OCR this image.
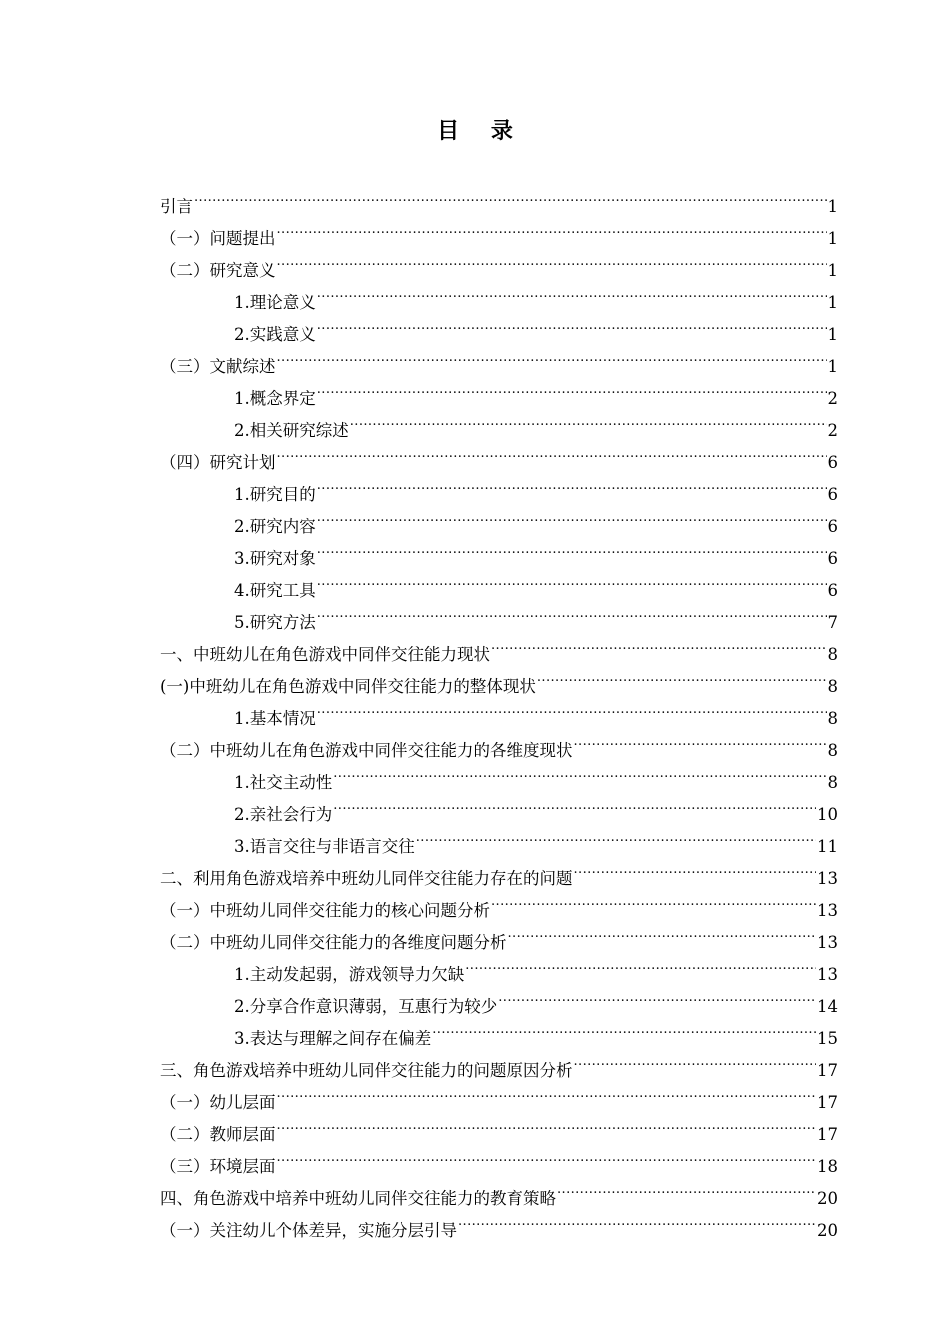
目 录
引言 .....	1
（一）问题提出 .....	1
（二）研究意义 .....	1
1.理论意义 .....	1
2.实践意义 .....	1
（三）文献综述 .....	1
1.概念界定 .....	2
2.相关研究综述 .....	2
（四）研究计划 .....	6
1.研究目的 .....	6
2.研究内容 .....	6
3.研究对象 .....	6
4.研究工具 .....	6
5.研究方法 .....	7
一、中班幼儿在角色游戏中同伴交往能力现状 .....	8
(一)中班幼儿在角色游戏中同伴交往能力的整体现状 .....	8
1.基本情况 .....	8
（二）中班幼儿在角色游戏中同伴交往能力的各维度现状 .....	8
1.社交主动性 .....	8
2.亲社会行为 .....	10
3.语言交往与非语言交往 .....	11
二、利用角色游戏培养中班幼儿同伴交往能力存在的问题 .....	13
（一）中班幼儿同伴交往能力的核心问题分析 .....	13
（二）中班幼儿同伴交往能力的各维度问题分析 .....	13
1.主动发起弱，游戏领导力欠缺 .....	13
2.分享合作意识薄弱，互惠行为较少 .....	14
3.表达与理解之间存在偏差 .....	15
三、角色游戏培养中班幼儿同伴交往能力的问题原因分析 .....	17
（一）幼儿层面 .....	17
（二）教师层面 .....	17
（三）环境层面 .....	18
四、角色游戏中培养中班幼儿同伴交往能力的教育策略 .....	20
（一）关注幼儿个体差异，实施分层引导 .....	20
